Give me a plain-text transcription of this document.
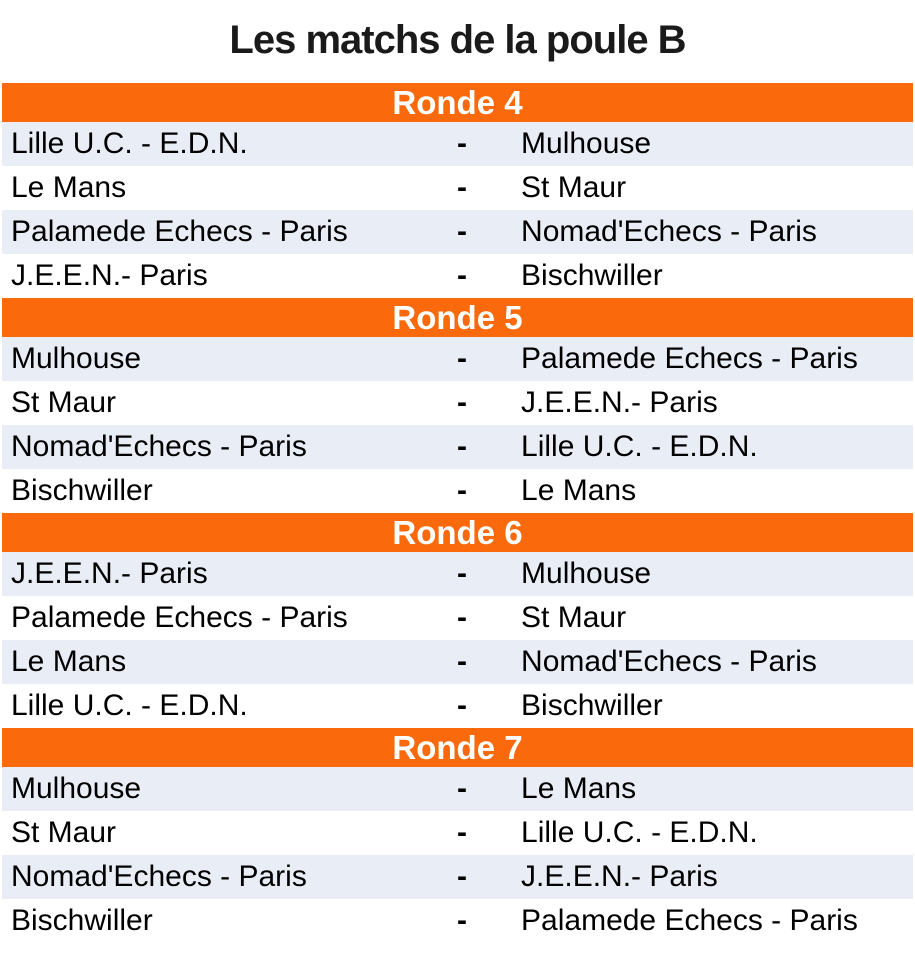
Les matchs de la poule B
Ronde 4
Lille U.C. - E.D.N.	-	Mulhouse
Le Mans	-	St Maur
Palamede Echecs - Paris	-	Nomad'Echecs - Paris
J.E.E.N.- Paris	-	Bischwiller
Ronde 5
Mulhouse	-	Palamede Echecs - Paris
St Maur	-	J.E.E.N.- Paris
Nomad'Echecs - Paris	-	Lille U.C. - E.D.N.
Bischwiller	-	Le Mans
Ronde 6
J.E.E.N.- Paris	-	Mulhouse
Palamede Echecs - Paris	-	St Maur
Le Mans	-	Nomad'Echecs - Paris
Lille U.C. - E.D.N.	-	Bischwiller
Ronde 7
Mulhouse	-	Le Mans
St Maur	-	Lille U.C. - E.D.N.
Nomad'Echecs - Paris	-	J.E.E.N.- Paris
Bischwiller	-	Palamede Echecs - Paris
